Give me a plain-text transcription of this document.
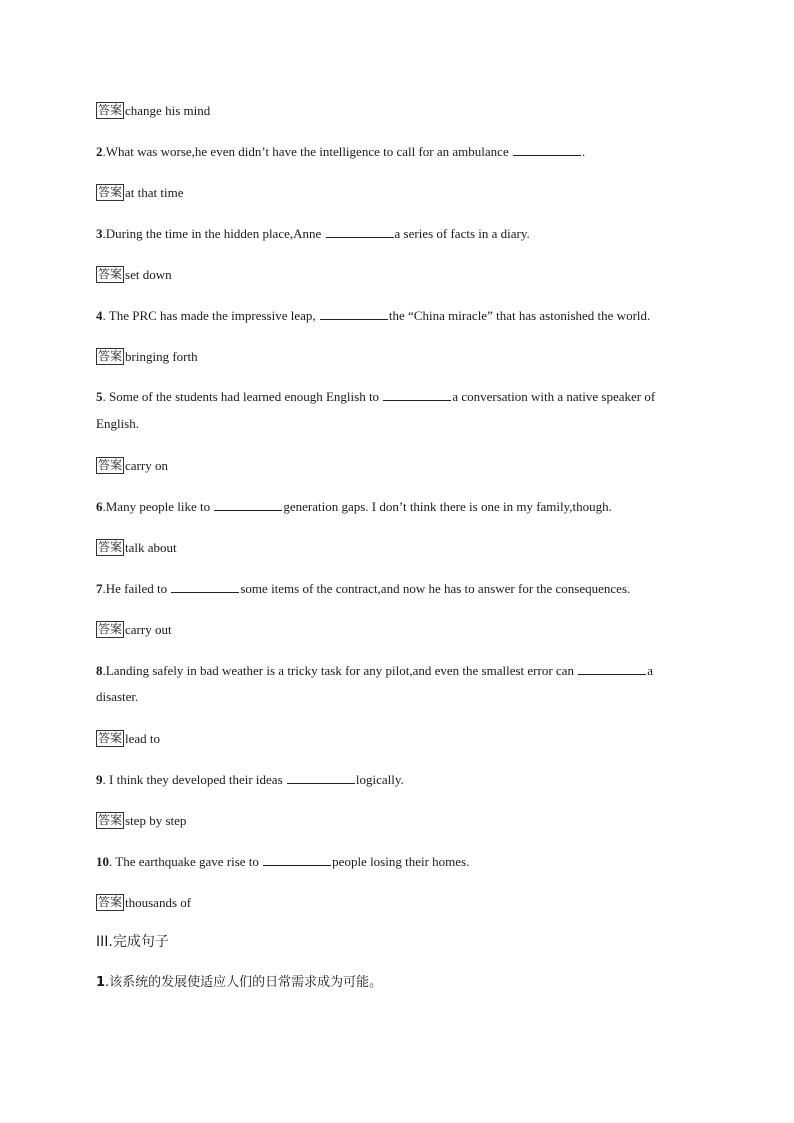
答案 change his mind
2.What was worse,he even didn’t have the intelligence to call for an ambulance	.
答案 at that time
3.During the time in the hidden place,Anne	a series of facts in a diary.
答案 set down
4. The PRC has made the impressive leap,	the “China miracle” that has astonished the world.
答案 bringing forth
5. Some of the students had learned enough English to	a conversation with a native speaker of
English.
答案 carry on
6.Many people like to	generation gaps. I don’t think there is one in my family,though.
答案 talk about
7.He failed to	some items of the contract,and now he has to answer for the consequences.
答案 carry out
8.Landing safely in bad weather is a tricky task for any pilot,and even the smallest error can	a
disaster.
答案 lead to
9. I think they developed their ideas	logically.
答案 step by step
10. The earthquake gave rise to	people losing their homes.
答案 thousands of
III.完成句子
1.该系统的发展使适应人们的日常需求成为可能。
